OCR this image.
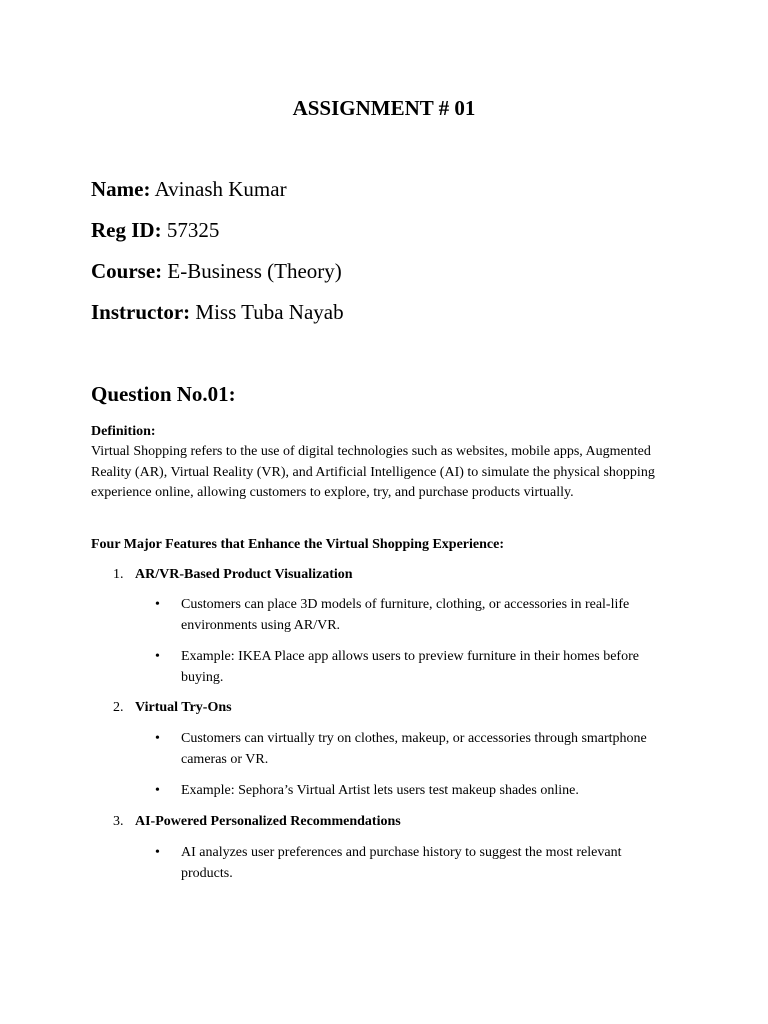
ASSIGNMENT # 01
Name: Avinash Kumar
Reg ID: 57325
Course: E-Business (Theory)
Instructor: Miss Tuba Nayab
Question No.01:
Definition:
Virtual Shopping refers to the use of digital technologies such as websites, mobile apps, Augmented Reality (AR), Virtual Reality (VR), and Artificial Intelligence (AI) to simulate the physical shopping experience online, allowing customers to explore, try, and purchase products virtually.
Four Major Features that Enhance the Virtual Shopping Experience:
1. AR/VR-Based Product Visualization
• Customers can place 3D models of furniture, clothing, or accessories in real-life environments using AR/VR.
• Example: IKEA Place app allows users to preview furniture in their homes before buying.
2. Virtual Try-Ons
• Customers can virtually try on clothes, makeup, or accessories through smartphone cameras or VR.
• Example: Sephora’s Virtual Artist lets users test makeup shades online.
3. AI-Powered Personalized Recommendations
• AI analyzes user preferences and purchase history to suggest the most relevant products.
